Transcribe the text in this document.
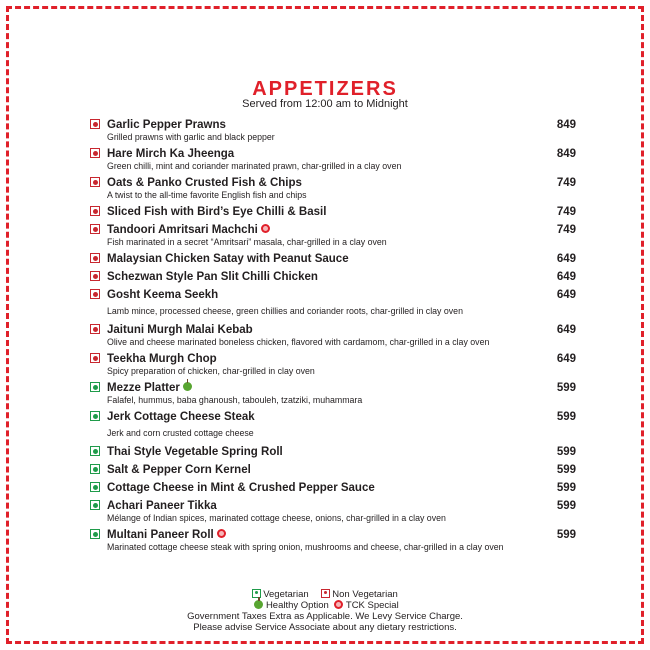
APPETIZERS
Served from 12:00 am to Midnight
Garlic Pepper Prawns	849
Grilled prawns with garlic and black pepper
Hare Mirch Ka Jheenga	849
Green chilli, mint and coriander marinated prawn, char-grilled in a clay oven
Oats & Panko Crusted Fish & Chips	749
A twist to the all-time favorite English fish and chips
Sliced Fish with Bird’s Eye Chilli & Basil	749
Tandoori Amritsari Machchi	749
Fish marinated in a secret “Amritsari” masala, char-grilled in a clay oven
Malaysian Chicken Satay with Peanut Sauce	649
Schezwan Style Pan Slit Chilli Chicken	649
Gosht Keema Seekh	649
Lamb mince, processed cheese, green chillies and coriander roots, char-grilled in clay oven
Jaituni Murgh Malai Kebab	649
Olive and cheese marinated boneless chicken, flavored with cardamom, char-grilled in a clay oven
Teekha Murgh Chop	649
Spicy preparation of chicken, char-grilled in clay oven
Mezze Platter	599
Falafel, hummus, baba ghanoush, tabouleh, tzatziki, muhammara
Jerk Cottage Cheese Steak	599
Jerk and corn crusted cottage cheese
Thai Style Vegetable Spring Roll	599
Salt & Pepper Corn Kernel	599
Cottage Cheese in Mint & Crushed Pepper Sauce	599
Achari Paneer Tikka	599
Mélange of Indian spices, marinated cottage cheese, onions, char-grilled in a clay oven
Multani Paneer Roll	599
Marinated cottage cheese steak with spring onion, mushrooms and cheese, char-grilled in a clay oven
Vegetarian Non Vegetarian
Healthy Option TCK Special
Government Taxes Extra as Applicable. We Levy Service Charge.
Please advise Service Associate about any dietary restrictions.
